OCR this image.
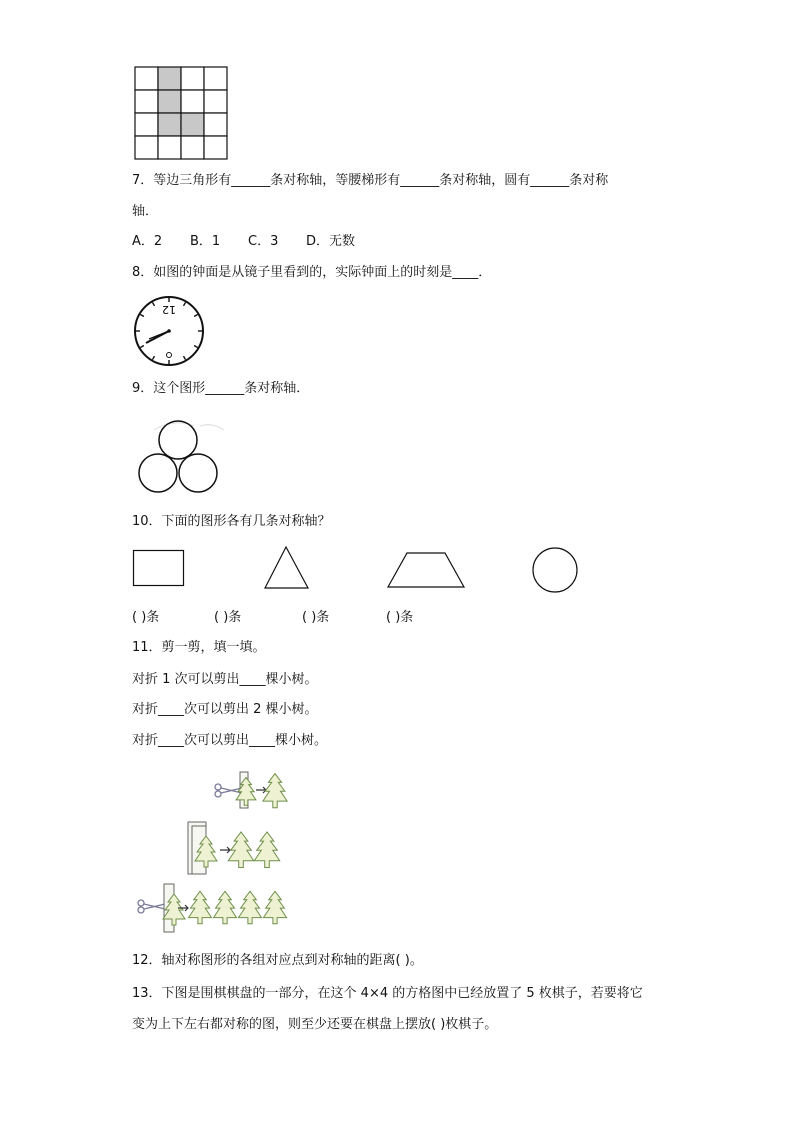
7．等边三角形有______条对称轴，等腰梯形有______条对称轴，圆有______条对称
轴．
A．2 B．1 C．3 D．无数
8．如图的钟面是从镜子里看到的，实际钟面上的时刻是____．
12
9．这个图形______条对称轴．
10．下面的图形各有几条对称轴？
( )条	( )条	( )条	( )条
11．剪一剪，填一填。
对折 1 次可以剪出____棵小树。
对折____次可以剪出 2 棵小树。
对折____次可以剪出____棵小树。
12．轴对称图形的各组对应点到对称轴的距离( )。
13．下图是围棋棋盘的一部分，在这个 4×4 的方格图中已经放置了 5 枚棋子，若要将它
变为上下左右都对称的图，则至少还要在棋盘上摆放( )枚棋子。
